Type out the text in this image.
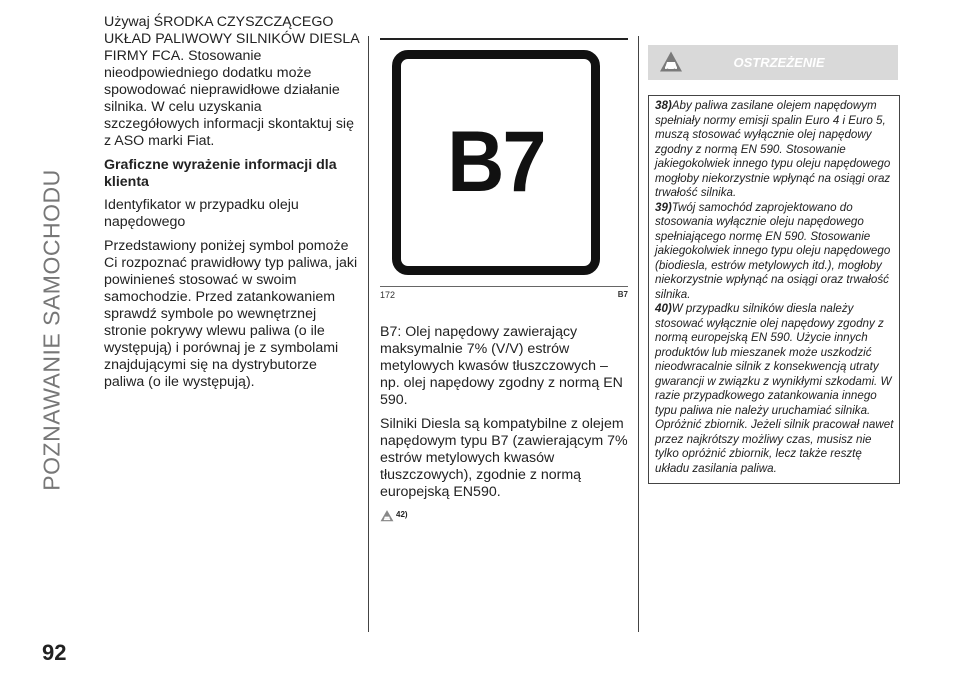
POZNAWANIE SAMOCHODU
92

Używaj ŚRODKA CZYSZCZĄCEGO UKŁAD PALIWOWY SILNIKÓW DIESLA FIRMY FCA. Stosowanie nieodpowiedniego dodatku może spowodować nieprawidłowe działanie silnika. W celu uzyskania szczegółowych informacji skontaktuj się z ASO marki Fiat.

Graficzne wyrażenie informacji dla klienta

Identyfikator w przypadku oleju napędowego

Przedstawiony poniżej symbol pomoże Ci rozpoznać prawidłowy typ paliwa, jaki powinieneś stosować w swoim samochodzie. Przed zatankowaniem sprawdź symbole po wewnętrznej stronie pokrywy wlewu paliwa (o ile występują) i porównaj je z symbolami znajdującymi się na dystrybutorze paliwa (o ile występują).

B7
172	B7

B7: Olej napędowy zawierający maksymalnie 7% (V/V) estrów metylowych kwasów tłuszczowych – np. olej napędowy zgodny z normą EN 590.

Silniki Diesla są kompatybilne z olejem napędowym typu B7 (zawierającym 7% estrów metylowych kwasów tłuszczowych), zgodnie z normą europejską EN590.

42)
OSTRZEŻENIE

38)Aby paliwa zasilane olejem napędowym spełniały normy emisji spalin Euro 4 i Euro 5, muszą stosować wyłącznie olej napędowy zgodny z normą EN 590. Stosowanie jakiegokolwiek innego typu oleju napędowego mogłoby niekorzystnie wpłynąć na osiągi oraz trwałość silnika.

39)Twój samochód zaprojektowano do stosowania wyłącznie oleju napędowego spełniającego normę EN 590. Stosowanie jakiegokolwiek innego typu oleju napędowego (biodiesla, estrów metylowych itd.), mogłoby niekorzystnie wpłynąć na osiągi oraz trwałość silnika.

40)W przypadku silników diesla należy stosować wyłącznie olej napędowy zgodny z normą europejską EN 590. Użycie innych produktów lub mieszanek może uszkodzić nieodwracalnie silnik z konsekwencją utraty gwarancji w związku z wynikłymi szkodami. W razie przypadkowego zatankowania innego typu paliwa nie należy uruchamiać silnika. Opróżnić zbiornik. Jeżeli silnik pracował nawet przez najkrótszy możliwy czas, musisz nie tylko opróżnić zbiornik, lecz także resztę układu zasilania paliwa.
